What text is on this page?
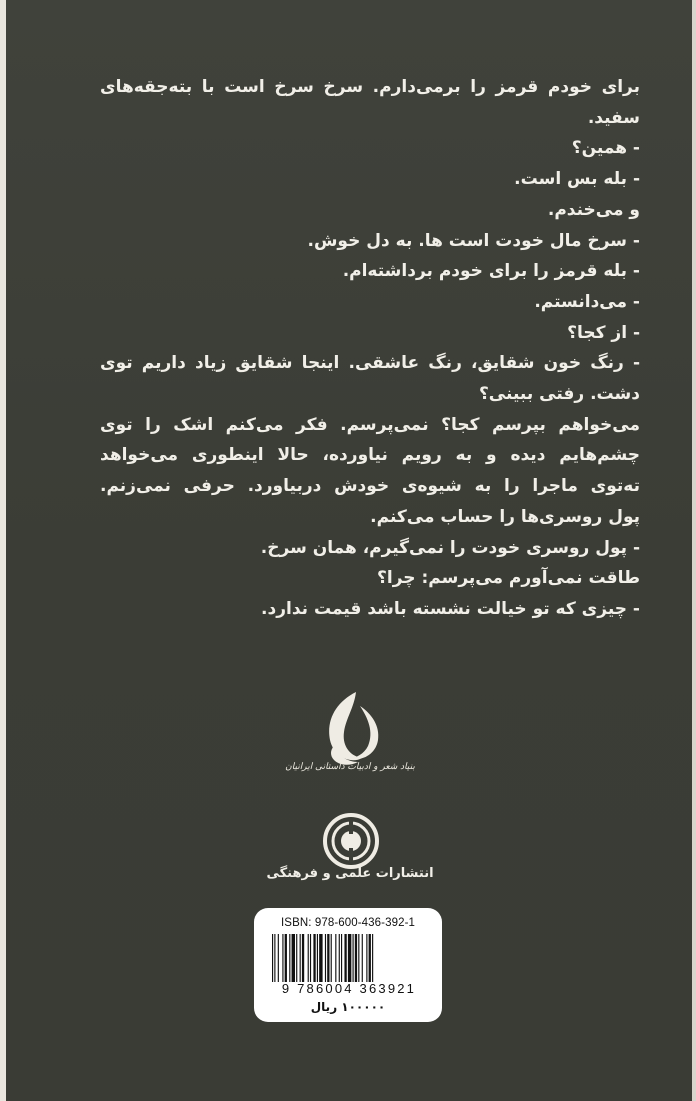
برای خودم قرمز را برمی‌دارم. سرخ سرخ است با بته‌جقه‌های
سفید.
- همین؟
- بله بس است.
و می‌خندم.
- سرخ مال خودت است ها. به دل خوش.
- بله قرمز را برای خودم برداشته‌ام.
- می‌دانستم.
- از کجا؟
- رنگ خون شقایق، رنگ عاشقی. اینجا شقایق زیاد داریم توی
دشت. رفتی ببینی؟
می‌خواهم بپرسم کجا؟ نمی‌پرسم. فکر می‌کنم اشک را توی
چشم‌هایم دیده و به رویم نیاورده، حالا اینطوری می‌خواهد
ته‌توی ماجرا را به شیوه‌ی خودش دربیاورد. حرفی نمی‌زنم.
پول روسری‌ها را حساب می‌کنم.
- پول روسری خودت را نمی‌گیرم، همان سرخ.
طاقت نمی‌آورم می‌پرسم: چرا؟
- چیزی که تو خیالت نشسته باشد قیمت ندارد.
بنیاد شعر و ادبیات داستانی ایرانیان
انتشارات علمی و فرهنگی
ISBN: 978-600-436-392-1
9 786004 363921
۱۰۰۰۰۰ ریال
